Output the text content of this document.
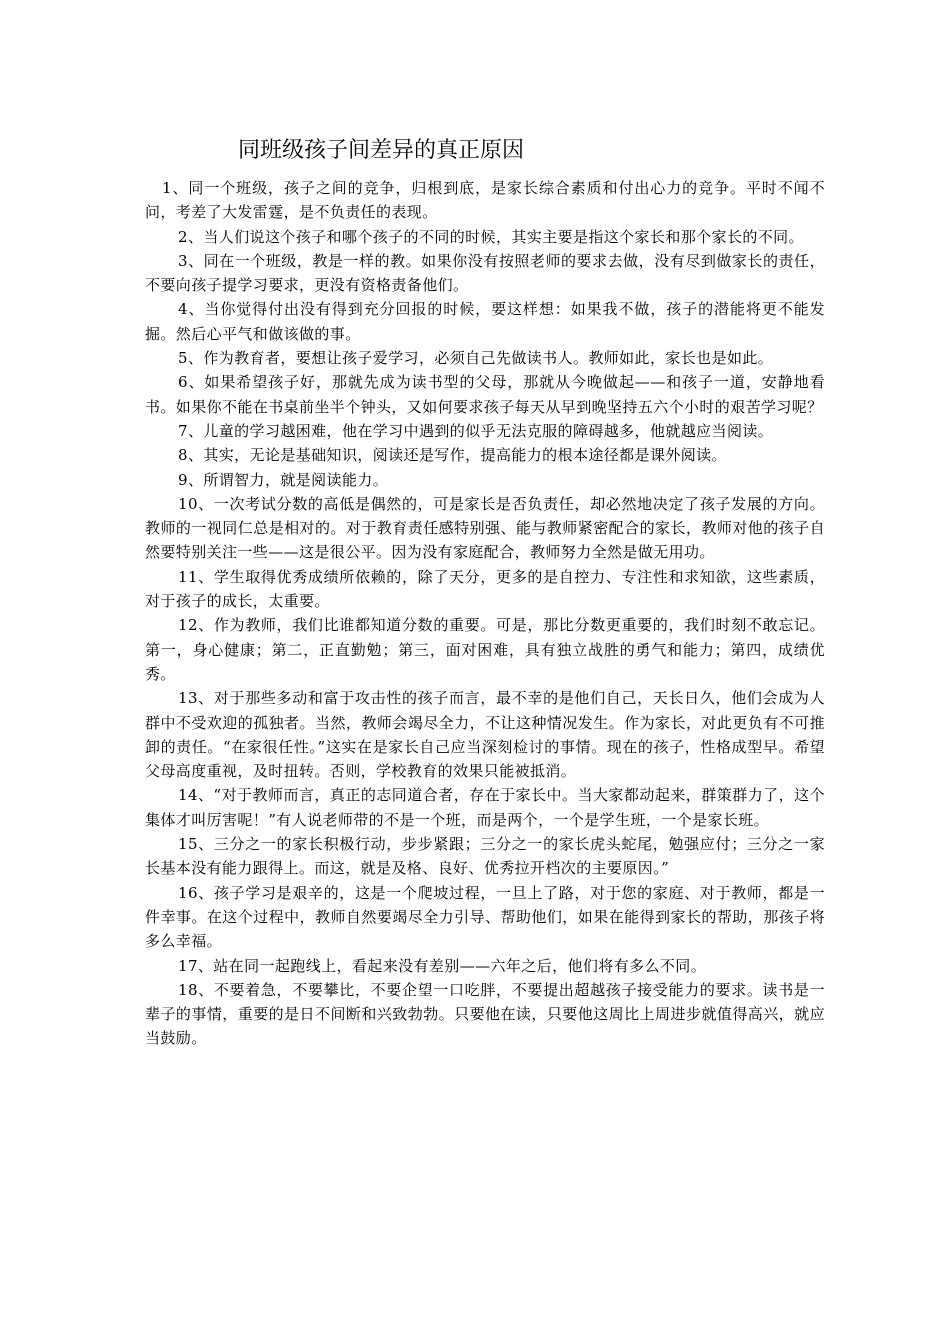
同班级孩子间差异的真正原因

1、同一个班级，孩子之间的竞争，归根到底，是家长综合素质和付出心力的竞争。平时不闻不问，考差了大发雷霆，是不负责任的表现。

2、当人们说这个孩子和哪个孩子的不同的时候，其实主要是指这个家长和那个家长的不同。

3、同在一个班级，教是一样的教。如果你没有按照老师的要求去做，没有尽到做家长的责任，不要向孩子提学习要求，更没有资格责备他们。

4、当你觉得付出没有得到充分回报的时候，要这样想：如果我不做，孩子的潜能将更不能发掘。然后心平气和做该做的事。

5、作为教育者，要想让孩子爱学习，必须自己先做读书人。教师如此，家长也是如此。

6、如果希望孩子好，那就先成为读书型的父母，那就从今晚做起——和孩子一道，安静地看书。如果你不能在书桌前坐半个钟头，又如何要求孩子每天从早到晚坚持五六个小时的艰苦学习呢？

7、儿童的学习越困难，他在学习中遇到的似乎无法克服的障碍越多，他就越应当阅读。

8、其实，无论是基础知识，阅读还是写作，提高能力的根本途径都是课外阅读。

9、所谓智力，就是阅读能力。

10、一次考试分数的高低是偶然的，可是家长是否负责任，却必然地决定了孩子发展的方向。教师的一视同仁总是相对的。对于教育责任感特别强、能与教师紧密配合的家长，教师对他的孩子自然要特别关注一些——这是很公平。因为没有家庭配合，教师努力全然是做无用功。

11、学生取得优秀成绩所依赖的，除了天分，更多的是自控力、专注性和求知欲，这些素质，对于孩子的成长，太重要。

12、作为教师，我们比谁都知道分数的重要。可是，那比分数更重要的，我们时刻不敢忘记。第一，身心健康；第二，正直勤勉；第三，面对困难，具有独立战胜的勇气和能力；第四，成绩优秀。

13、对于那些多动和富于攻击性的孩子而言，最不幸的是他们自己，天长日久，他们会成为人群中不受欢迎的孤独者。当然，教师会竭尽全力，不让这种情况发生。作为家长，对此更负有不可推卸的责任。“在家很任性。”这实在是家长自己应当深刻检讨的事情。现在的孩子，性格成型早。希望父母高度重视，及时扭转。否则，学校教育的效果只能被抵消。

14、“对于教师而言，真正的志同道合者，存在于家长中。当大家都动起来，群策群力了，这个集体才叫厉害呢！”有人说老师带的不是一个班，而是两个，一个是学生班，一个是家长班。

15、三分之一的家长积极行动，步步紧跟；三分之一的家长虎头蛇尾，勉强应付；三分之一家长基本没有能力跟得上。而这，就是及格、良好、优秀拉开档次的主要原因。”

16、孩子学习是艰辛的，这是一个爬坡过程，一旦上了路，对于您的家庭、对于教师，都是一件幸事。在这个过程中，教师自然要竭尽全力引导、帮助他们，如果在能得到家长的帮助，那孩子将多么幸福。

17、站在同一起跑线上，看起来没有差别——六年之后，他们将有多么不同。

18、不要着急，不要攀比，不要企望一口吃胖，不要提出超越孩子接受能力的要求。读书是一辈子的事情，重要的是日不间断和兴致勃勃。只要他在读，只要他这周比上周进步就值得高兴，就应当鼓励。
